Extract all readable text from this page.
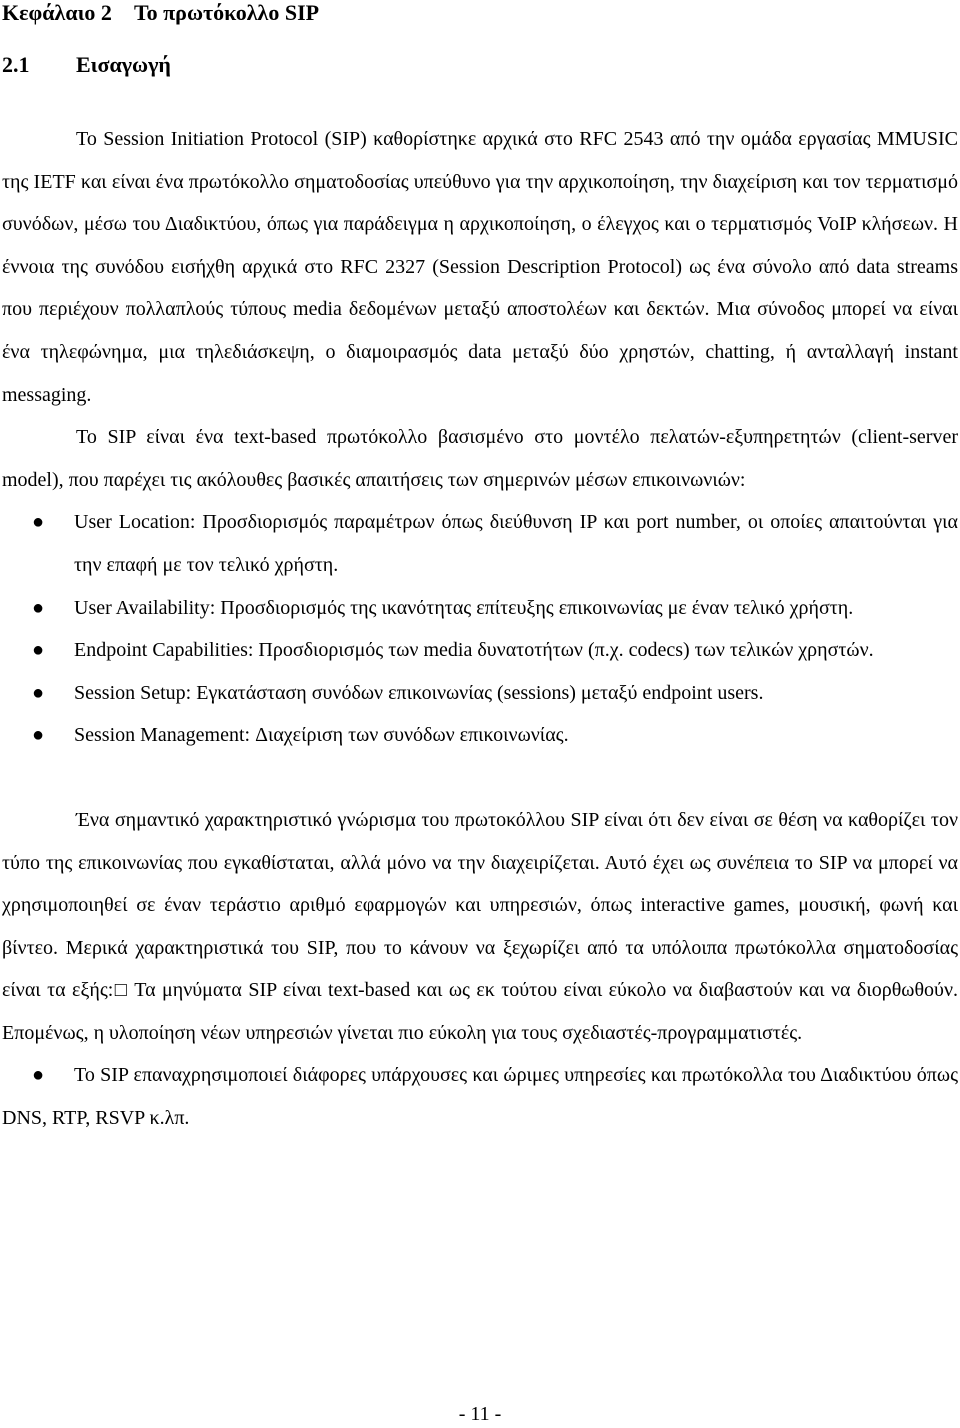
Κεφάλαιο 2 Το πρωτόκολλο SIP
2.1 Εισαγωγή

Το Session Initiation Protocol (SIP) καθορίστηκε αρχικά στο RFC 2543 από την ομάδα εργασίας MMUSIC της IETF και είναι ένα πρωτόκολλο σηματοδοσίας υπεύθυνο για την αρχικοποίηση, την διαχείριση και τον τερματισμό συνόδων, μέσω του Διαδικτύου, όπως για παράδειγμα η αρχικοποίηση, ο έλεγχος και ο τερματισμός VoIP κλήσεων. Η έννοια της συνόδου εισήχθη αρχικά στο RFC 2327 (Session Description Protocol) ως ένα σύνολο από data streams που περιέχουν πολλαπλούς τύπους media δεδομένων μεταξύ αποστολέων και δεκτών. Μια σύνοδος μπορεί να είναι ένα τηλεφώνημα, μια τηλεδιάσκεψη, ο διαμοιρασμός data μεταξύ δύο χρηστών, chatting, ή ανταλλαγή instant messaging.

Το SIP είναι ένα text-based πρωτόκολλο βασισμένο στο μοντέλο πελατών-εξυπηρετητών (client-server model), που παρέχει τις ακόλουθες βασικές απαιτήσεις των σημερινών μέσων επικοινωνιών:

● User Location: Προσδιορισμός παραμέτρων όπως διεύθυνση IP και port number, οι οποίες απαιτούνται για την επαφή με τον τελικό χρήστη.
● User Availability: Προσδιορισμός της ικανότητας επίτευξης επικοινωνίας με έναν τελικό χρήστη.
● Endpoint Capabilities: Προσδιορισμός των media δυνατοτήτων (π.χ. codecs) των τελικών χρηστών.
● Session Setup: Εγκατάσταση συνόδων επικοινωνίας (sessions) μεταξύ endpoint users.
● Session Management: Διαχείριση των συνόδων επικοινωνίας.

Ένα σημαντικό χαρακτηριστικό γνώρισμα του πρωτοκόλλου SIP είναι ότι δεν είναι σε θέση να καθορίζει τον τύπο της επικοινωνίας που εγκαθίσταται, αλλά μόνο να την διαχειρίζεται. Αυτό έχει ως συνέπεια το SIP να μπορεί να χρησιμοποιηθεί σε έναν τεράστιο αριθμό εφαρμογών και υπηρεσιών, όπως interactive games, μουσική, φωνή και βίντεο. Μερικά χαρακτηριστικά του SIP, που το κάνουν να ξεχωρίζει από τα υπόλοιπα πρωτόκολλα σηματοδοσίας είναι τα εξής:□ Τα μηνύματα SIP είναι text-based και ως εκ τούτου είναι εύκολο να διαβαστούν και να διορθωθούν. Επομένως, η υλοποίηση νέων υπηρεσιών γίνεται πιο εύκολη για τους σχεδιαστές-προγραμματιστές.

● Το SIP επαναχρησιμοποιεί διάφορες υπάρχουσες και ώριμες υπηρεσίες και πρωτόκολλα του Διαδικτύου όπως DNS, RTP, RSVP κ.λπ.
- 11 -
